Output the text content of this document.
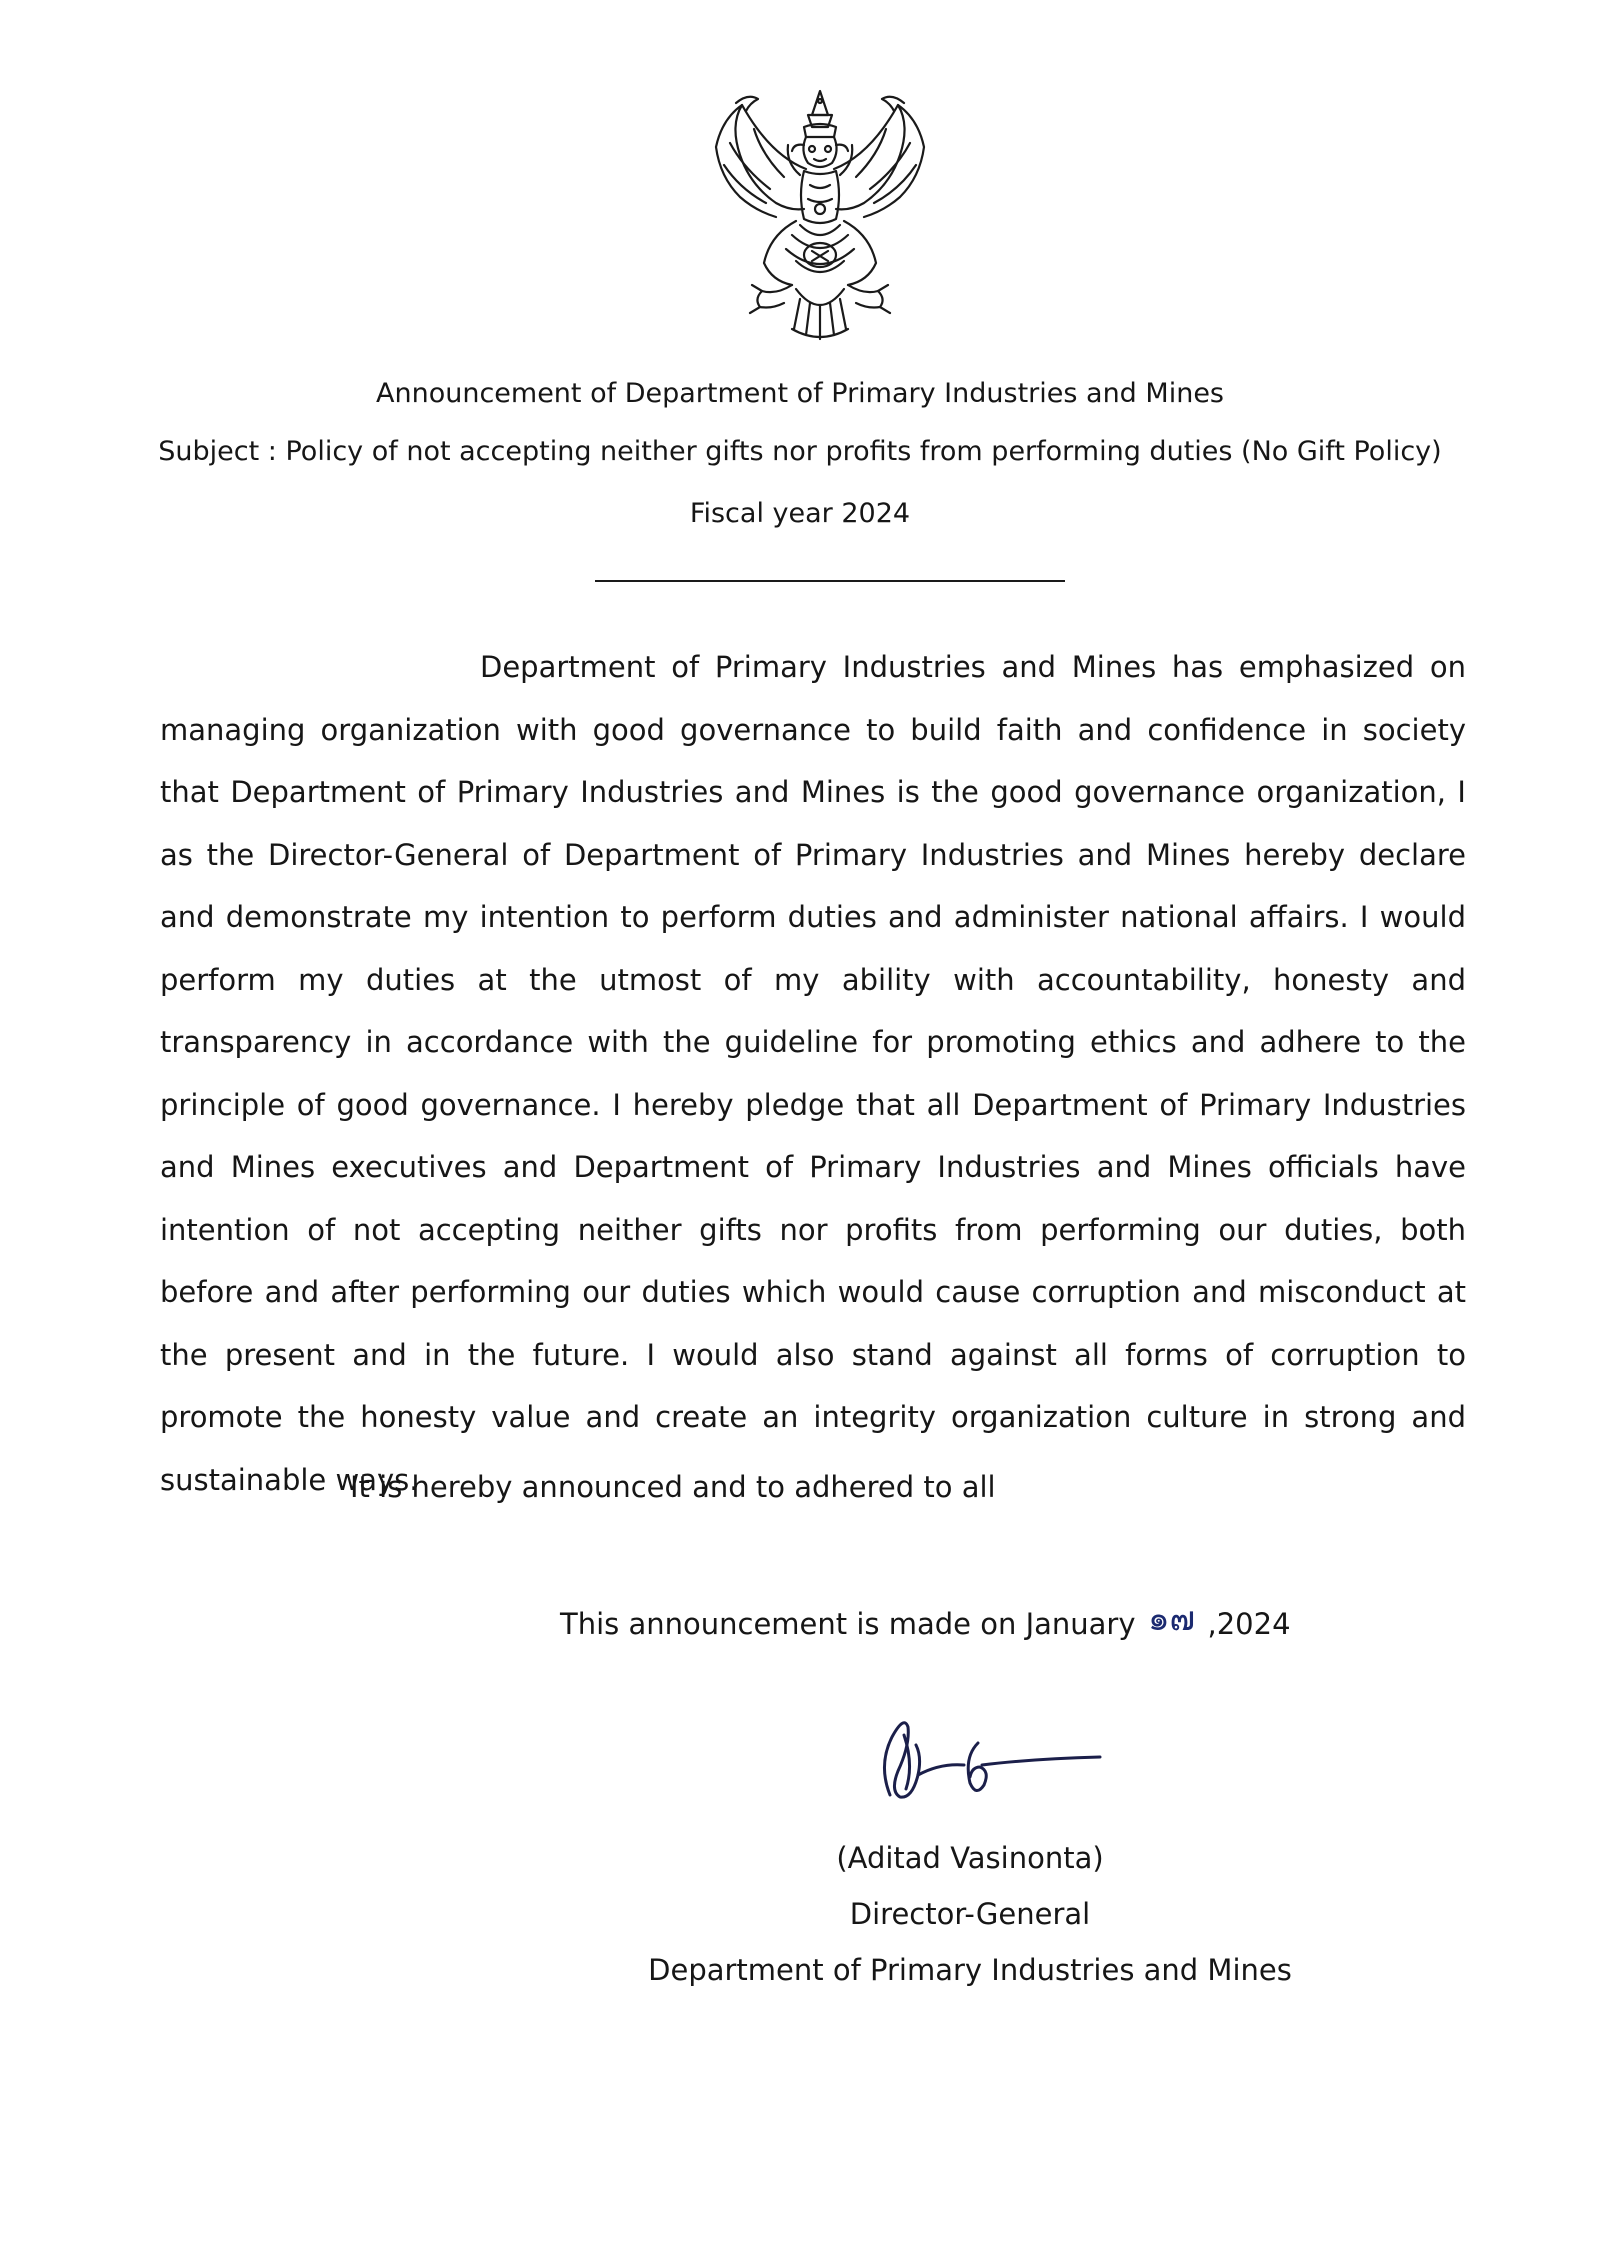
Announcement of Department of Primary Industries and Mines
Subject : Policy of not accepting neither gifts nor profits from performing duties (No Gift Policy)
Fiscal year 2024
Department of Primary Industries and Mines has emphasized on managing organization with good governance to build faith and confidence in society that Department of Primary Industries and Mines is the good governance organization, I as the Director-General of Department of Primary Industries and Mines hereby declare and demonstrate my intention to perform duties and administer national affairs. I would perform my duties at the utmost of my ability with accountability, honesty and transparency in accordance with the guideline for promoting ethics and adhere to the principle of good governance. I hereby pledge that all Department of Primary Industries and Mines executives and Department of Primary Industries and Mines officials have intention of not accepting neither gifts nor profits from performing our duties, both before and after performing our duties which would cause corruption and misconduct at the present and in the future. I would also stand against all forms of corruption to promote the honesty value and create an integrity organization culture in strong and sustainable ways.
It is hereby announced and to adhered to all
This announcement is made on January ๑๗ ,2024
(Aditad Vasinonta)
Director-General
Department of Primary Industries and Mines
